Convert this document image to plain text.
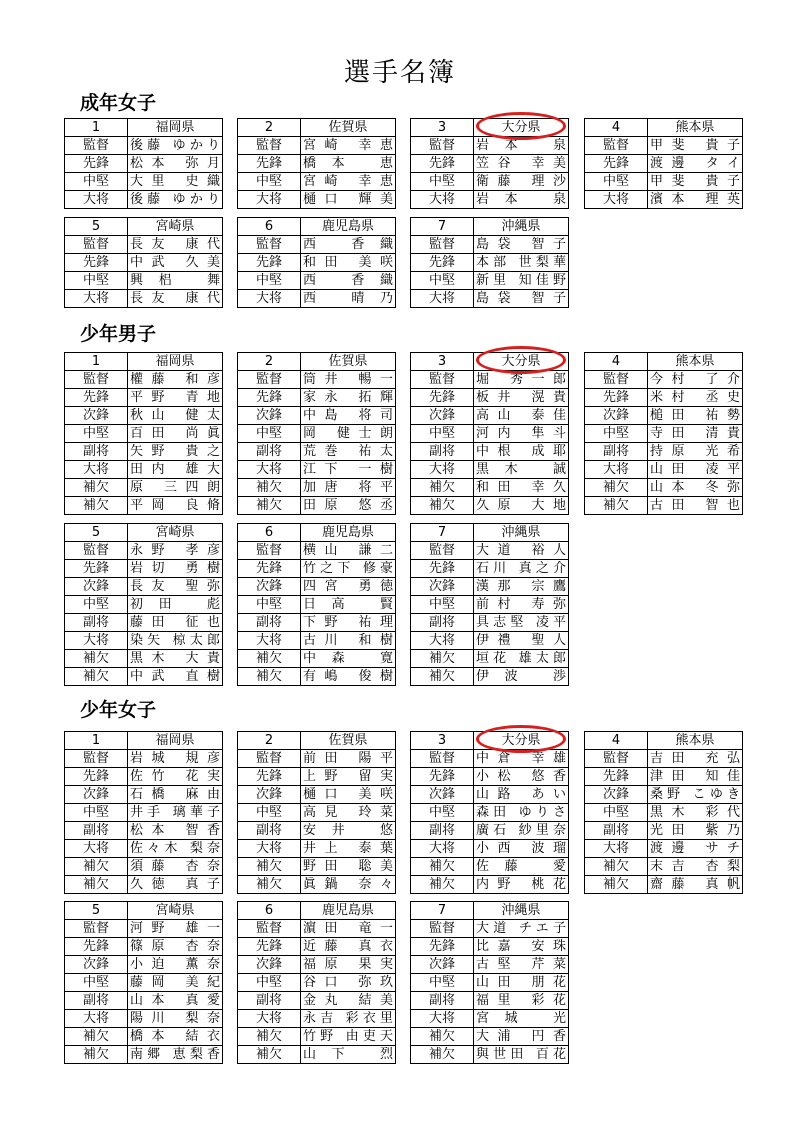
選手名簿
成年女子
1	福岡県
監督	後藤 ゆかり
先鋒	松本 弥月
中堅	大里 史織
大将	後藤 ゆかり
2	佐賀県
監督	宮崎 幸恵
先鋒	橋本 恵
中堅	宮崎 幸恵
大将	樋口 輝美
3	大分県
監督	岩本 泉
先鋒	笠谷 幸美
中堅	衛藤 理沙
大将	岩本 泉
4	熊本県
監督	甲斐 貴子
先鋒	渡邊 タイ
中堅	甲斐 貴子
大将	濱本 理英
5	宮崎県
監督	長友 康代
先鋒	中武 久美
中堅	興梠 舞
大将	長友 康代
6	鹿児島県
監督	西 香織
先鋒	和田 美咲
中堅	西 香織
大将	西 晴乃
7	沖縄県
監督	島袋 智子
先鋒	本部 世梨華
中堅	新里 知佳野
大将	島袋 智子
少年男子
1	福岡県
監督	權藤 和彦
先鋒	平野 青地
次鋒	秋山 健太
中堅	百田 尚眞
副将	矢野 貴之
大将	田内 雄大
補欠	原 三四朗
補欠	平岡 良脩
2	佐賀県
監督	筒井 暢一
先鋒	家永 拓輝
次鋒	中島 将司
中堅	岡 健士朗
副将	荒巻 祐太
大将	江下 一樹
補欠	加唐 将平
補欠	田原 悠丞
3	大分県
監督	堀 秀一郎
先鋒	板井 滉貴
次鋒	高山 泰佳
中堅	河内 隼斗
副将	中根 成耶
大将	黒木 誠
補欠	和田 幸久
補欠	久原 大地
4	熊本県
監督	今村 了介
先鋒	米村 丞史
次鋒	槌田 祐勢
中堅	寺田 清貴
副将	持原 光希
大将	山田 凌平
補欠	山本 冬弥
補欠	古田 智也
5	宮崎県
監督	永野 孝彦
先鋒	岩切 勇樹
次鋒	長友 聖弥
中堅	初田 彪
副将	藤田 征也
大将	染矢 椋太郎
補欠	黒木 大貴
補欠	中武 直樹
6	鹿児島県
監督	横山 謙二
先鋒	竹之下 修豪
次鋒	四宮 勇徳
中堅	日高 賢
副将	下野 祐理
大将	古川 和樹
補欠	中森 寛
補欠	有嶋 俊樹
7	沖縄県
監督	大道 裕人
先鋒	石川 真之介
次鋒	漢那 宗鷹
中堅	前村 寿弥
副将	具志堅 凌平
大将	伊禮 聖人
補欠	垣花 雄太郎
補欠	伊波 渉
少年女子
1	福岡県
監督	岩城 規彦
先鋒	佐竹 花実
次鋒	石橋 麻由
中堅	井手 璃華子
副将	松本 智香
大将	佐々木 梨奈
補欠	須藤 杏奈
補欠	久徳 真子
2	佐賀県
監督	前田 陽平
先鋒	上野 留実
次鋒	樋口 美咲
中堅	高見 玲菜
副将	安井 悠
大将	井上 泰葉
補欠	野田 聡美
補欠	眞鍋 奈々
3	大分県
監督	中倉 幸雄
先鋒	小松 悠香
次鋒	山路 あい
中堅	森田 ゆりさ
副将	廣石 紗里奈
大将	小西 波瑠
補欠	佐藤 愛
補欠	内野 桃花
4	熊本県
監督	吉田 充弘
先鋒	津田 知佳
次鋒	桑野 こゆき
中堅	黒木 彩代
副将	光田 紫乃
大将	渡邊 サチ
補欠	末吉 杏梨
補欠	齋藤 真帆
5	宮崎県
監督	河野 雄一
先鋒	篠原 杏奈
次鋒	小迫 薫奈
中堅	藤岡 美紀
副将	山本 真愛
大将	陽川 梨奈
補欠	橋本 結衣
補欠	南郷 恵梨香
6	鹿児島県
監督	濵田 竜一
先鋒	近藤 真衣
次鋒	福原 果実
中堅	谷口 弥玖
副将	金丸 結美
大将	永吉 彩衣里
補欠	竹野 由吏天
補欠	山下 烈
7	沖縄県
監督	大道 チエ子
先鋒	比嘉 安珠
次鋒	古堅 芹菜
中堅	山田 朋花
副将	福里 彩花
大将	宮城 光
補欠	大浦 円香
補欠	與世田 百花
